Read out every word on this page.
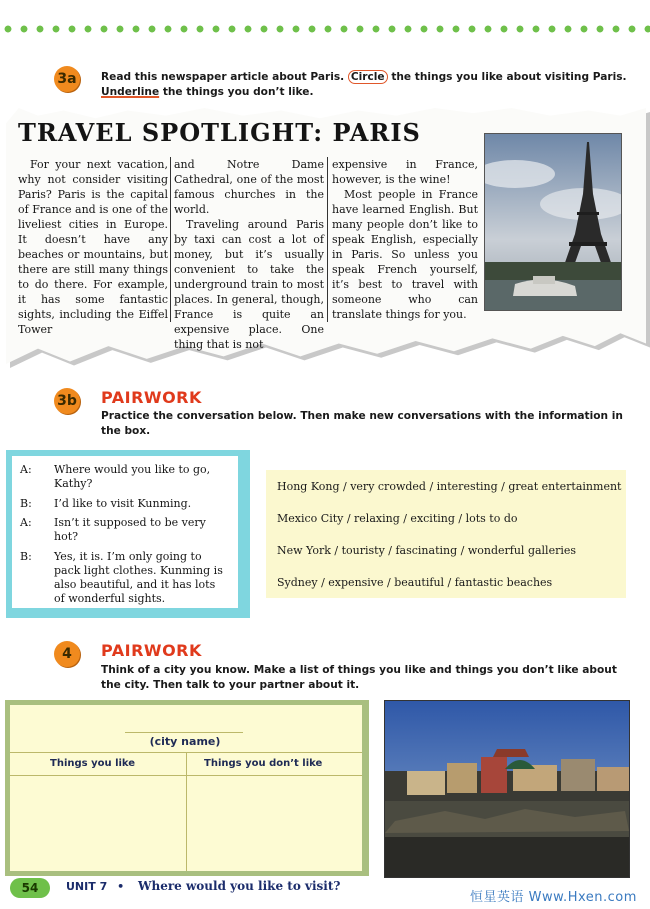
3a	Read this newspaper article about Paris. Circle the things you like about visiting Paris. Underline the things you don’t like.
TRAVEL SPOTLIGHT: PARIS

For your next vacation, why not consider visiting Paris? Paris is the capital of France and is one of the liveliest cities in Europe. It doesn’t have any beaches or mountains, but there are still many things to do there. For example, it has some fantastic sights, including the Eiffel Tower

and Notre Dame Cathedral, one of the most famous churches in the world.

Traveling around Paris by taxi can cost a lot of money, but it’s usually convenient to take the underground train to most places. In general, though, France is quite an expensive place. One thing that is not

expensive in France, however, is the wine!

Most people in France have learned English. But many people don’t like to speak English, especially in Paris. So unless you speak French yourself, it’s best to travel with someone who can translate things for you.

3b PAIRWORK
Practice the conversation below. Then make new conversations with the information in the box.
A:	Where would you like to go, Kathy?
B:	I’d like to visit Kunming.
A:	Isn’t it supposed to be very hot?
B:	Yes, it is. I’m only going to pack light clothes. Kunming is also beautiful, and it has lots of wonderful sights.
Hong Kong / very crowded / interesting / great entertainment
Mexico City / relaxing / exciting / lots to do
New York / touristy / fascinating / wonderful galleries
Sydney / expensive / beautiful / fantastic beaches
4	PAIRWORK
Think of a city you know. Make a list of things you like and things you don’t like about the city. Then talk to your partner about it.
(city name)
Things you like	Things you don’t like
54	UNIT 7 • Where would you like to visit?
恒星英语 Www.Hxen.com
